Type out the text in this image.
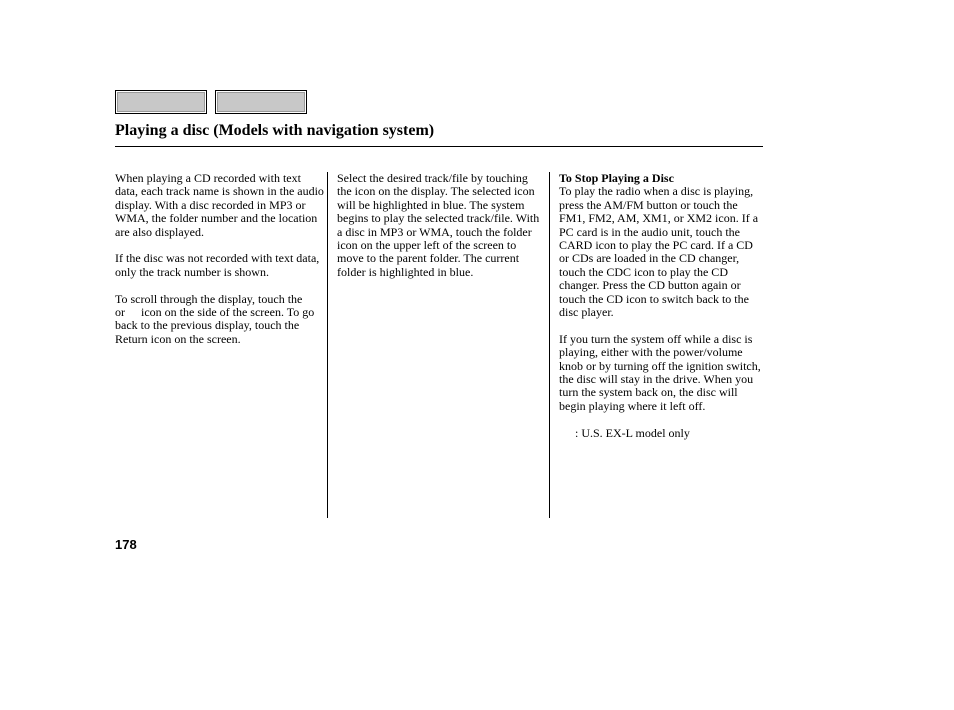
Playing a disc (Models with navigation system)

When playing a CD recorded with text data, each track name is shown in the audio display. With a disc recorded in MP3 or WMA, the folder number and the location are also displayed.

If the disc was not recorded with text data, only the track number is shown.

To scroll through the display, touch the  or icon on the side of the screen. To go back to the previous display, touch the Return icon on the screen.

Select the desired track/file by touching the icon on the display. The selected icon will be highlighted in blue. The system begins to play the selected track/file. With a disc in MP3 or WMA, touch the folder icon on the upper left of the screen to move to the parent folder. The current folder is highlighted in blue.

To Stop Playing a Disc

To play the radio when a disc is playing, press the AM/FM button or touch the FM1, FM2, AM, XM1, or XM2 icon. If a PC card is in the audio unit, touch the CARD icon to play the PC card. If a CD or CDs are loaded in the CD changer, touch the CDC icon to play the CD changer. Press the CD button again or touch the CD icon to switch back to the disc player.

If you turn the system off while a disc is playing, either with the power/volume knob or by turning off the ignition switch, the disc will stay in the drive. When you turn the system back on, the disc will begin playing where it left off.

: U.S. EX-L model only

178
